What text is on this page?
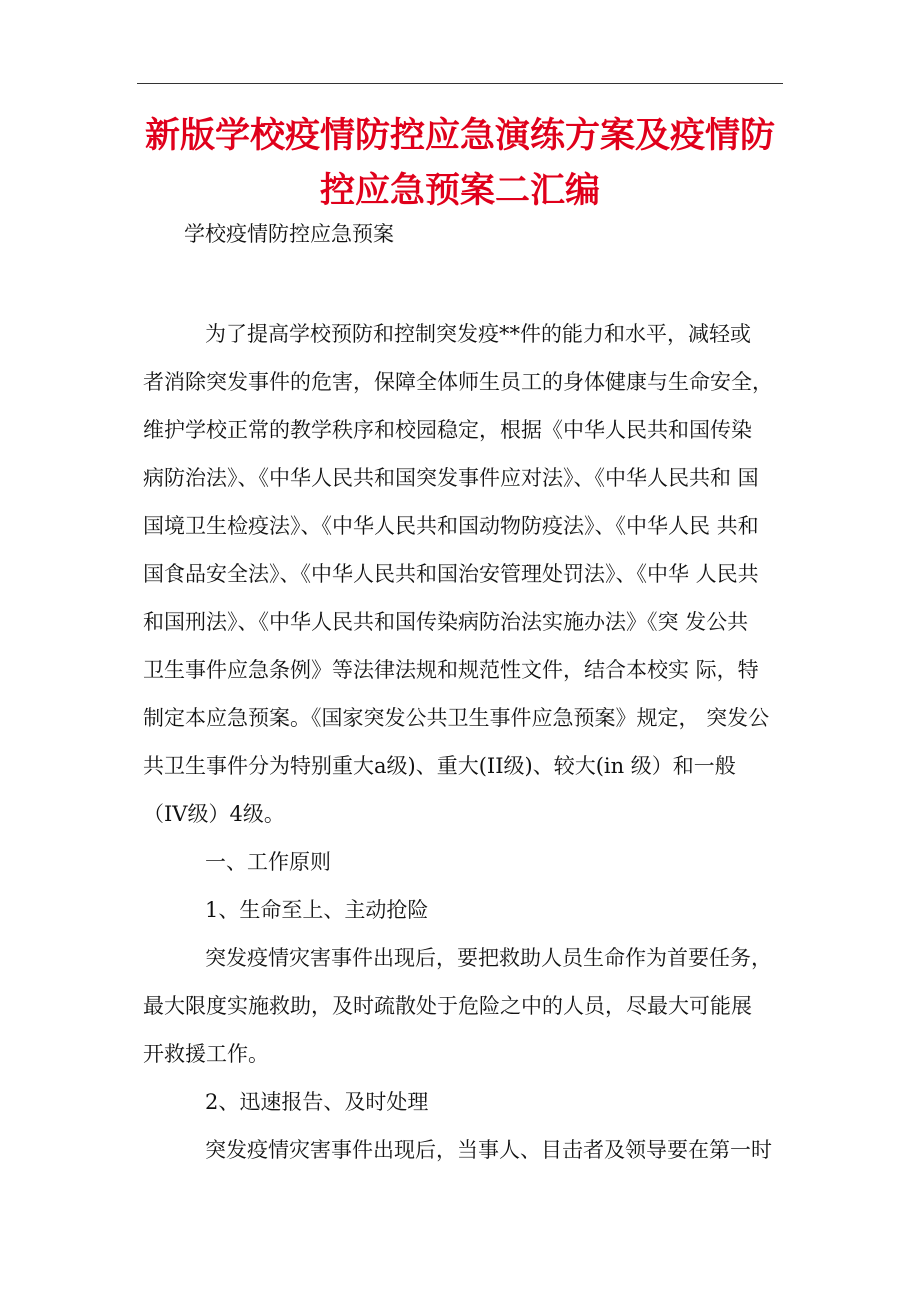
新版学校疫情防控应急演练方案及疫情防
控应急预案二汇编
学校疫情防控应急预案
为了提高学校预防和控制突发疫**件的能力和水平，减轻或
者消除突发事件的危害，保障全体师生员工的身体健康与生命安全，
维护学校正常的教学秩序和校园稳定，根据《中华人民共和国传染
病防治法》、《中华人民共和国突发事件应对法》、《中华人民共和 国
国境卫生检疫法》、《中华人民共和国动物防疫法》、《中华人民 共和
国食品安全法》、《中华人民共和国治安管理处罚法》、《中华 人民共
和国刑法》、《中华人民共和国传染病防治法实施办法》《突 发公共
卫生事件应急条例》等法律法规和规范性文件，结合本校实 际，特
制定本应急预案。《国家突发公共卫生事件应急预案》规定， 突发公
共卫生事件分为特别重大a级)、重大(II级)、较大(in 级）和一般
（IV级）4级。
一、工作原则
1、生命至上、主动抢险
突发疫情灾害事件出现后，要把救助人员生命作为首要任务，
最大限度实施救助，及时疏散处于危险之中的人员，尽最大可能展
开救援工作。
2、迅速报告、及时处理
突发疫情灾害事件出现后，当事人、目击者及领导要在第一时
